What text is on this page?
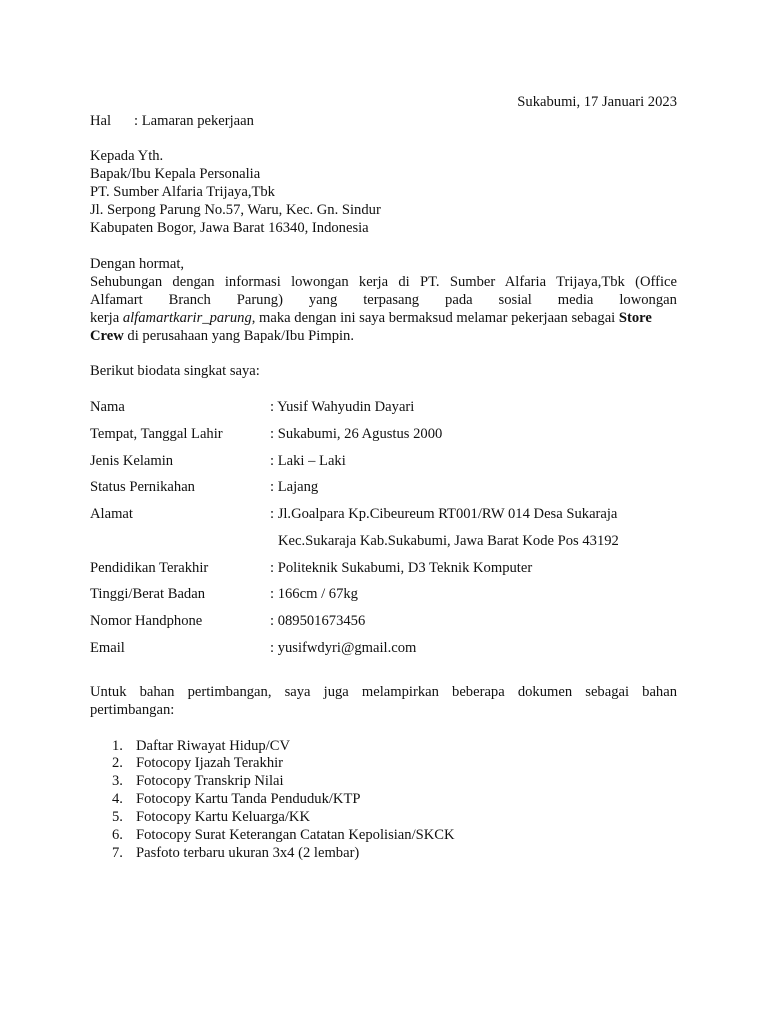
Sukabumi, 17 Januari 2023
Hal : Lamaran pekerjaan
Kepada Yth.
Bapak/Ibu Kepala Personalia
PT. Sumber Alfaria Trijaya,Tbk
Jl. Serpong Parung No.57, Waru, Kec. Gn. Sindur
Kabupaten Bogor, Jawa Barat 16340, Indonesia
Dengan hormat,
Sehubungan dengan informasi lowongan kerja di PT. Sumber Alfaria Trijaya,Tbk (Office
Alfamart Branch Parung) yang terpasang pada sosial media lowongan
kerja alfamartkarir_parung, maka dengan ini saya bermaksud melamar pekerjaan sebagai Store
Crew di perusahaan yang Bapak/Ibu Pimpin.
Berikut biodata singkat saya:
Nama	: Yusif Wahyudin Dayari
Tempat, Tanggal Lahir	: Sukabumi, 26 Agustus 2000
Jenis Kelamin	: Laki – Laki
Status Pernikahan	: Lajang
Alamat	: Jl.Goalpara Kp.Cibeureum RT001/RW 014 Desa Sukaraja
Kec.Sukaraja Kab.Sukabumi, Jawa Barat Kode Pos 43192
Pendidikan Terakhir	: Politeknik Sukabumi, D3 Teknik Komputer
Tinggi/Berat Badan	: 166cm / 67kg
Nomor Handphone	: 089501673456
Email	: yusifwdyri@gmail.com
Untuk bahan pertimbangan, saya juga melampirkan beberapa dokumen sebagai bahan
pertimbangan:
1. Daftar Riwayat Hidup/CV
2. Fotocopy Ijazah Terakhir
3. Fotocopy Transkrip Nilai
4. Fotocopy Kartu Tanda Penduduk/KTP
5. Fotocopy Kartu Keluarga/KK
6. Fotocopy Surat Keterangan Catatan Kepolisian/SKCK
7. Pasfoto terbaru ukuran 3x4 (2 lembar)
